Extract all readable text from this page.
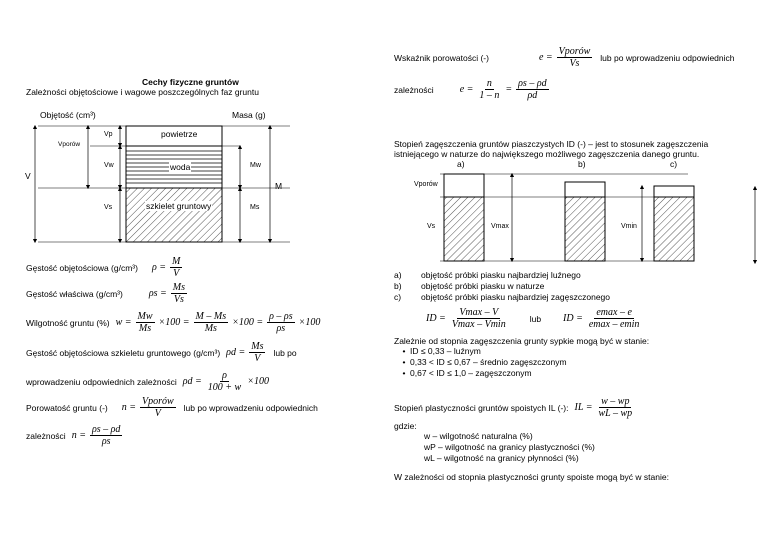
Cechy fizyczne gruntów
Zależności objętościowe i wagowe poszczególnych faz gruntu
Objętość (cm³)	Masa (g)
Vp
Vw
Vs
Vporów
V
Mw
Ms
M
powietrze
woda
szkielet gruntowy
Gęstość objętościowa (g/cm³) $\rho = \frac{M}{V}$
Gęstość właściwa (g/cm³)	$\rho s = \frac{Ms}{Vs}$
Wilgotność gruntu (%) $w = \frac{Mw}{Ms} \times 100 = \frac{M - Ms}{Ms} \times 100 = \frac{\rho - \rho s}{\rho s} \times 100$
Gęstość objętościowa szkieletu gruntowego (g/cm³) $\rho d = \frac{Ms}{V}$ lub po
wprowadzeniu odpowiednich zależności $\rho d = \frac{\rho}{100 + w} \times 100$
Porowatość gruntu (-) $n = \frac{\text{Vporów}}{V}$ lub po wprowadzeniu odpowiednich
zależności $n = \frac{\rho s - \rho d}{\rho s}$
Wskaźnik porowatości (-)	$e = \frac{\text{Vporów}}{Vs}$ lub po wprowadzeniu odpowiednich
zależności	$e = \frac{n}{1 - n} = \frac{\rho s - \rho d}{\rho d}$
Stopień zagęszczenia gruntów piaszczystych ID (-) – jest to stosunek zagęszczenia
istniejącego w naturze do największego możliwego zagęszczenia danego gruntu.
a)	b)	c)
Vporów
Vs	Vmax	Vmin
a) objętość próbki piasku najbardziej luźnego
b) objętość próbki piasku w naturze
c) objętość próbki piasku najbardziej zagęszczonego
ID = $\frac{Vmax - V}{Vmax - Vmin}$	lub ID = $\frac{emax - e}{emax - emin}$
Zależnie od stopnia zagęszczenia grunty sypkie mogą być w stanie:
• ID ≤ 0,33 – luźnym
• 0,33 < ID ≤ 0,67 – średnio zagęszczonym
• 0,67 < ID ≤ 1,0 – zagęszczonym
Stopień plastyczności gruntów spoistych IL (-): IL = $\frac{w - wp}{wL - wp}$
gdzie:
w – wilgotność naturalna (%)
wP – wilgotność na granicy plastyczności (%)
wL – wilgotność na granicy płynności (%)
W zależności od stopnia plastyczności grunty spoiste mogą być w stanie:
